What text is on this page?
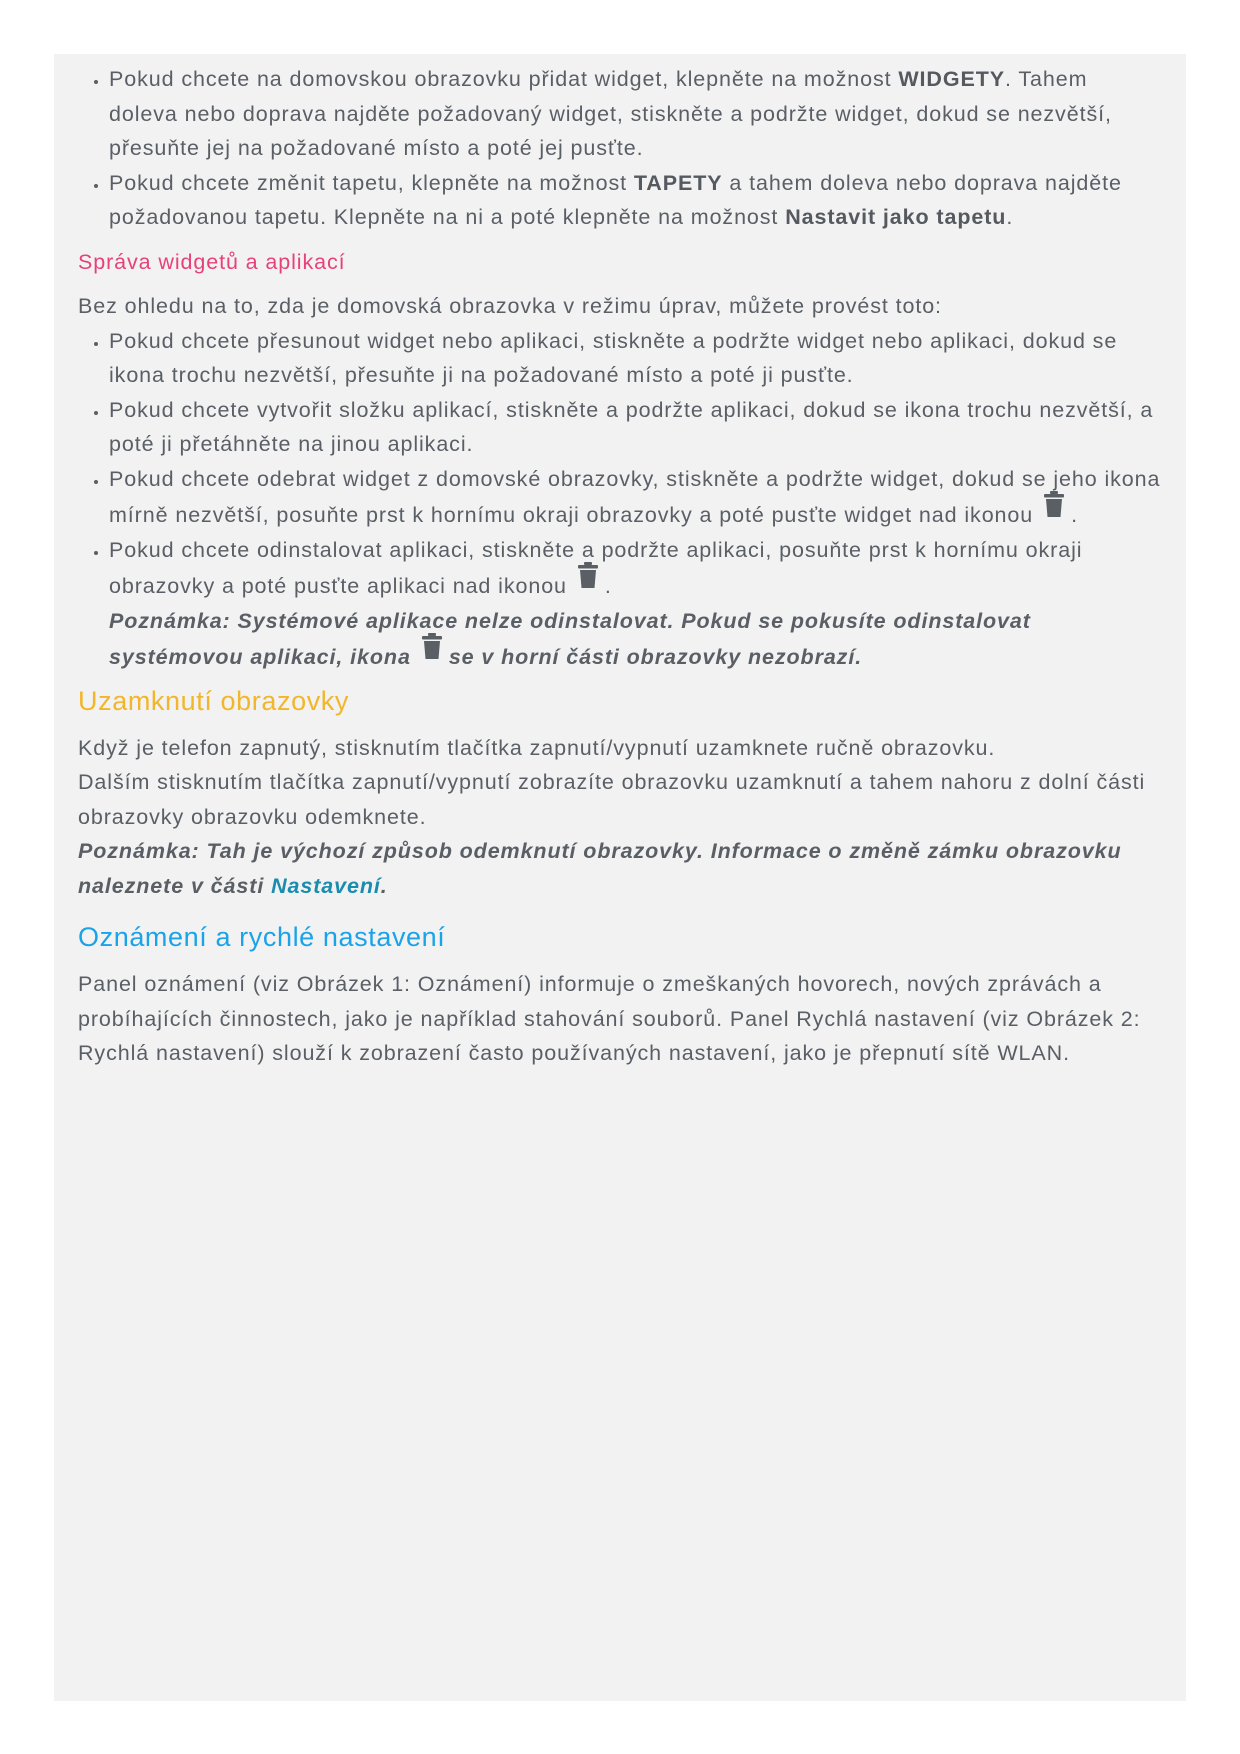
• Pokud chcete na domovskou obrazovku přidat widget, klepněte na možnost WIDGETY. Tahem doleva nebo doprava najděte požadovaný widget, stiskněte a podržte widget, dokud se nezvětší, přesuňte jej na požadované místo a poté jej pusťte.
• Pokud chcete změnit tapetu, klepněte na možnost TAPETY a tahem doleva nebo doprava najděte požadovanou tapetu. Klepněte na ni a poté klepněte na možnost Nastavit jako tapetu.

Správa widgetů a aplikací

Bez ohledu na to, zda je domovská obrazovka v režimu úprav, můžete provést toto:

• Pokud chcete přesunout widget nebo aplikaci, stiskněte a podržte widget nebo aplikaci, dokud se ikona trochu nezvětší, přesuňte ji na požadované místo a poté ji pusťte.
• Pokud chcete vytvořit složku aplikací, stiskněte a podržte aplikaci, dokud se ikona trochu nezvětší, a poté ji přetáhněte na jinou aplikaci.
• Pokud chcete odebrat widget z domovské obrazovky, stiskněte a podržte widget, dokud se jeho ikona mírně nezvětší, posuňte prst k hornímu okraji obrazovky a poté pusťte widget nad ikonou .
• Pokud chcete odinstalovat aplikaci, stiskněte a podržte aplikaci, posuňte prst k hornímu okraji obrazovky a poté pusťte aplikaci nad ikonou .
Poznámka: Systémové aplikace nelze odinstalovat. Pokud se pokusíte odinstalovat systémovou aplikaci, ikona se v horní části obrazovky nezobrazí.

Uzamknutí obrazovky

Když je telefon zapnutý, stisknutím tlačítka zapnutí/vypnutí uzamknete ručně obrazovku.

Dalším stisknutím tlačítka zapnutí/vypnutí zobrazíte obrazovku uzamknutí a tahem nahoru z dolní části obrazovky obrazovku odemknete.

Poznámka: Tah je výchozí způsob odemknutí obrazovky. Informace o změně zámku obrazovku naleznete v části Nastavení.

Oznámení a rychlé nastavení

Panel oznámení (viz Obrázek 1: Oznámení) informuje o zmeškaných hovorech, nových zprávách a probíhajících činnostech, jako je například stahování souborů. Panel Rychlá nastavení (viz Obrázek 2: Rychlá nastavení) slouží k zobrazení často používaných nastavení, jako je přepnutí sítě WLAN.
